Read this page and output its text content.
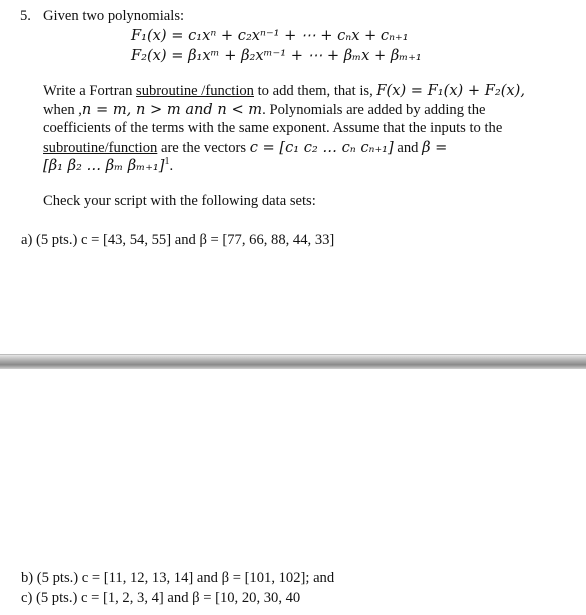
5. Given two polynomials:
F₁(x) = c₁xⁿ + c₂xⁿ⁻¹ + ⋯ + cₙx + cₙ₊₁
F₂(x) = β₁xᵐ + β₂xᵐ⁻¹ + ⋯ + βₘx + βₘ₊₁
Write a Fortran subroutine /function to add them, that is, F(x) = F₁(x) + F₂(x),
when ,n = m, n > m and n < m. Polynomials are added by adding the
coefficients of the terms with the same exponent. Assume that the inputs to the
subroutine/function are the vectors c = [c₁ c₂ … cₙ cₙ₊₁] and β =
[β₁ β₂ … βₘ βₘ₊₁]$^1$.
Check your script with the following data sets:
a) (5 pts.) c = [43, 54, 55] and β = [77, 66, 88, 44, 33]
b) (5 pts.) c = [11, 12, 13, 14] and β = [101, 102]; and
c) (5 pts.) c = [1, 2, 3, 4] and β = [10, 20, 30, 40
